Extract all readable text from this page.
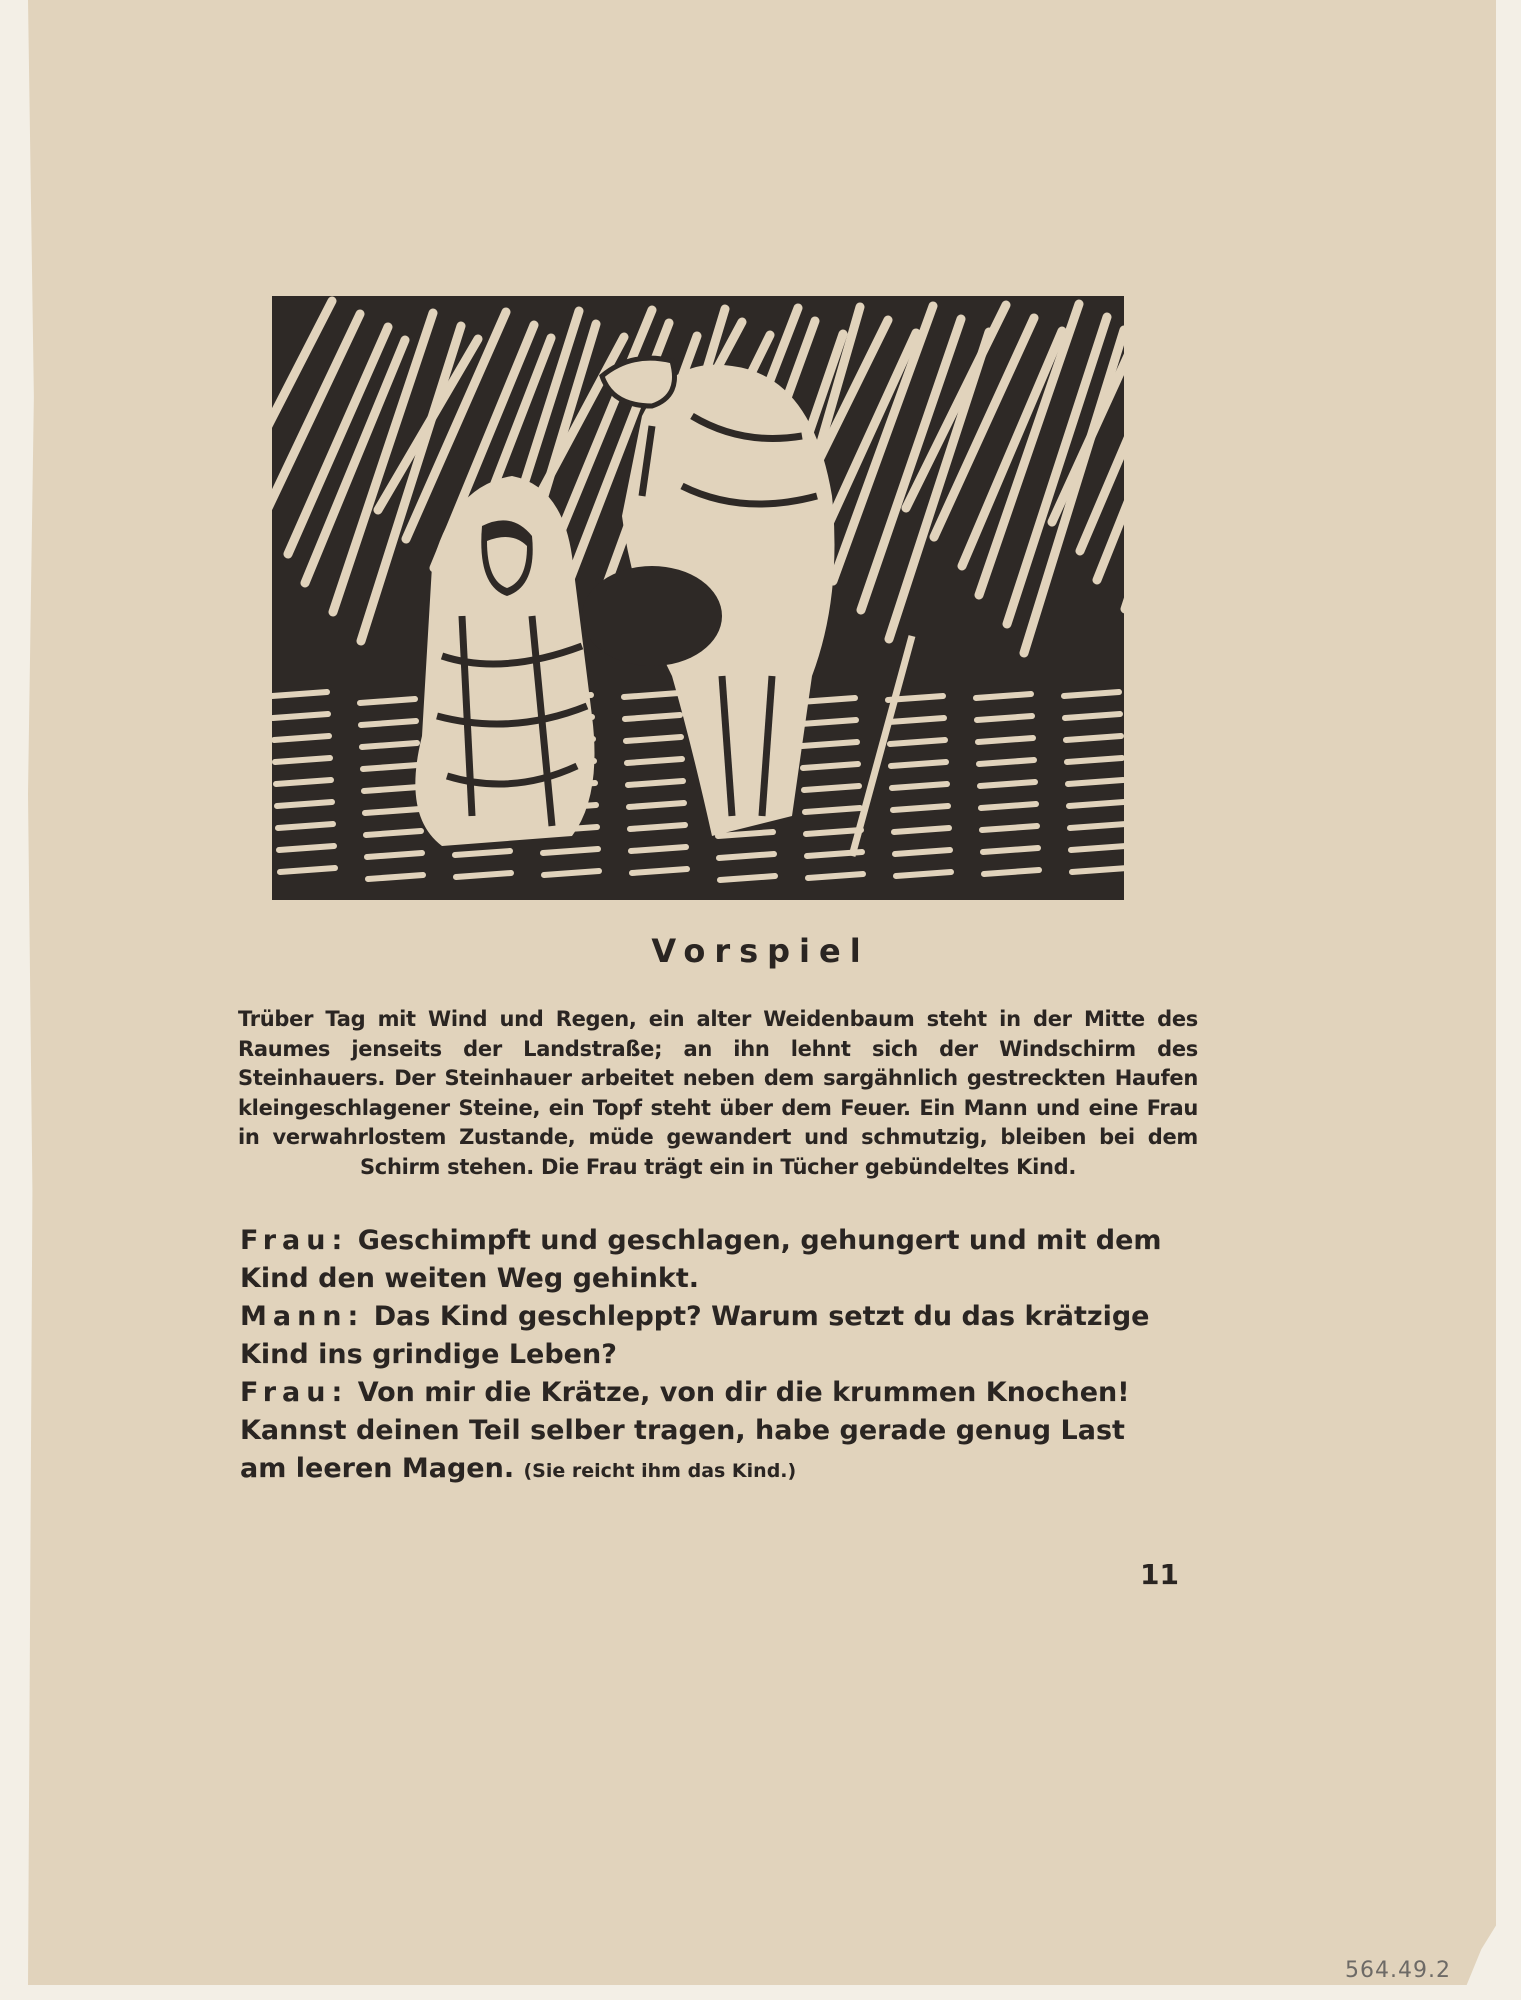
Vorspiel
Trüber Tag mit Wind und Regen, ein alter Weidenbaum steht in der Mitte des Raumes jenseits der Landstraße; an ihn lehnt sich der Windschirm des Steinhauers. Der Steinhauer arbeitet neben dem sargähnlich gestreckten Haufen kleingeschlagener Steine, ein Topf steht über dem Feuer. Ein Mann und eine Frau in verwahrlostem Zustande, müde gewandert und schmutzig, bleiben bei dem Schirm stehen. Die Frau trägt ein in Tücher gebündeltes Kind.
Frau: Geschimpft und geschlagen, gehungert und mit dem Kind den weiten Weg gehinkt.
Mann: Das Kind geschleppt? Warum setzt du das krätzige Kind ins grindige Leben?
Frau: Von mir die Krätze, von dir die krummen Knochen! Kannst deinen Teil selber tragen, habe gerade genug Last am leeren Magen. (Sie reicht ihm das Kind.)
11
564.49.2
